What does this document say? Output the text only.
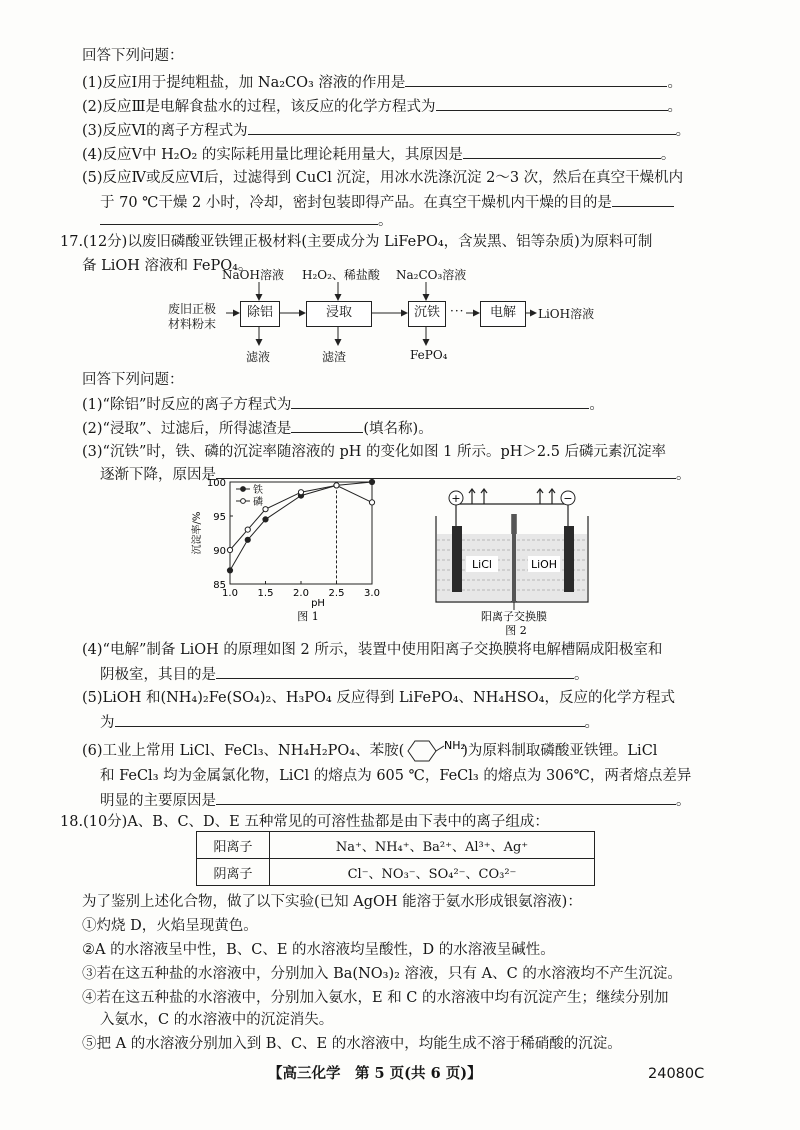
回答下列问题：
(1)反应Ⅰ用于提纯粗盐，加 Na₂CO₃ 溶液的作用是	。
(2)反应Ⅲ是电解食盐水的过程，该反应的化学方程式为	。
(3)反应Ⅵ的离子方程式为	。
(4)反应Ⅴ中 H₂O₂ 的实际耗用量比理论耗用量大，其原因是	。
(5)反应Ⅳ或反应Ⅵ后，过滤得到 CuCl 沉淀，用冰水洗涤沉淀 2～3 次，然后在真空干燥机内
于 70 ℃干燥 2 小时，冷却，密封包装即得产品。在真空干燥机内干燥的目的是
。
17.(12分)以废旧磷酸亚铁锂正极材料(主要成分为 LiFePO₄，含炭黑、铝等杂质)为原料可制
备 LiOH 溶液和 FePO₄。
废旧正极
材料粉末
除铝	浸取	沉铁	电解
NaOH溶液 H₂O₂、稀盐酸 Na₂CO₃溶液
滤液	滤渣	FePO₄
···	LiOH溶液
回答下列问题：
(1)“除铝”时反应的离子方程式为	。
(2)“浸取”、过滤后，所得滤渣是	(填名称)。
(3)“沉铁”时，铁、磷的沉淀率随溶液的 pH 的变化如图 1 所示。pH＞2.5 后磷元素沉淀率
逐渐下降，原因是	。
1.0 1.5 2.0 2.5 3.0
85
90
95
100
pH
沉淀率/%
图 1
铁
磷	+	−
LiCl	LiOH
阳离子交换膜
图 2
(4)“电解”制备 LiOH 的原理如图 2 所示，装置中使用阳离子交换膜将电解槽隔成阳极室和
阴极室，其目的是	。
(5)LiOH 和(NH₄)₂Fe(SO₄)₂、H₃PO₄ 反应得到 LiFePO₄、NH₄HSO₄，反应的化学方程式
为	。
(6)工业上常用 LiCl、FeCl₃、NH₄H₂PO₄、苯胺(	NH₂
)为原料制取磷酸亚铁锂。LiCl
和 FeCl₃ 均为金属氯化物，LiCl 的熔点为 605 ℃，FeCl₃ 的熔点为 306℃，两者熔点差异
明显的主要原因是	。
18.(10分)A、B、C、D、E 五种常见的可溶性盐都是由下表中的离子组成：
阳离子	Na⁺、NH₄⁺、Ba²⁺、Al³⁺、Ag⁺
阴离子	Cl⁻、NO₃⁻、SO₄²⁻、CO₃²⁻
为了鉴别上述化合物，做了以下实验(已知 AgOH 能溶于氨水形成银氨溶液)：
①灼烧 D，火焰呈现黄色。
②A 的水溶液呈中性，B、C、E 的水溶液均呈酸性，D 的水溶液呈碱性。
③若在这五种盐的水溶液中，分别加入 Ba(NO₃)₂ 溶液，只有 A、C 的水溶液均不产生沉淀。
④若在这五种盐的水溶液中，分别加入氨水，E 和 C 的水溶液中均有沉淀产生；继续分别加
入氨水，C 的水溶液中的沉淀消失。
⑤把 A 的水溶液分别加入到 B、C、E 的水溶液中，均能生成不溶于稀硝酸的沉淀。
【高三化学　第 5 页(共 6 页)】	24080C
